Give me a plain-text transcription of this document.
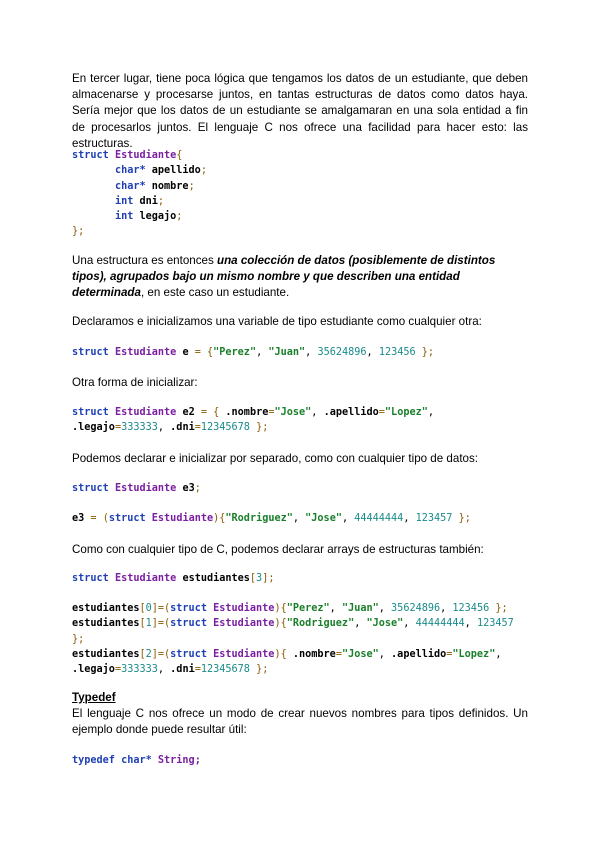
En tercer lugar, tiene poca lógica que tengamos los datos de un estudiante, que deben almacenarse y procesarse juntos, en tantas estructuras de datos como datos haya. Sería mejor que los datos de un estudiante se amalgamaran en una sola entidad a fin de procesarlos juntos. El lenguaje C nos ofrece una facilidad para hacer esto: las estructuras.

struct Estudiante{
char* apellido;
char* nombre;
int dni;
int legajo;
};

Una estructura es entonces una colección de datos (posiblemente de distintos tipos), agrupados bajo un mismo nombre y que describen una entidad determinada, en este caso un estudiante.

Declaramos e inicializamos una variable de tipo estudiante como cualquier otra:

struct Estudiante e = {"Perez", "Juan", 35624896, 123456 };

Otra forma de inicializar:

struct Estudiante e2 = { .nombre="Jose", .apellido="Lopez",
.legajo=333333, .dni=12345678 };

Podemos declarar e inicializar por separado, como con cualquier tipo de datos:

struct Estudiante e3;
e3 = (struct Estudiante){"Rodriguez", "Jose", 44444444, 123457 };

Como con cualquier tipo de C, podemos declarar arrays de estructuras también:

struct Estudiante estudiantes[3];
estudiantes[0]=(struct Estudiante){"Perez", "Juan", 35624896, 123456 };
estudiantes[1]=(struct Estudiante){"Rodriguez", "Jose", 44444444, 123457
};
estudiantes[2]=(struct Estudiante){ .nombre="Jose", .apellido="Lopez",
.legajo=333333, .dni=12345678 };

Typedef

El lenguaje C nos ofrece un modo de crear nuevos nombres para tipos definidos. Un ejemplo donde puede resultar útil:

typedef char* String;
